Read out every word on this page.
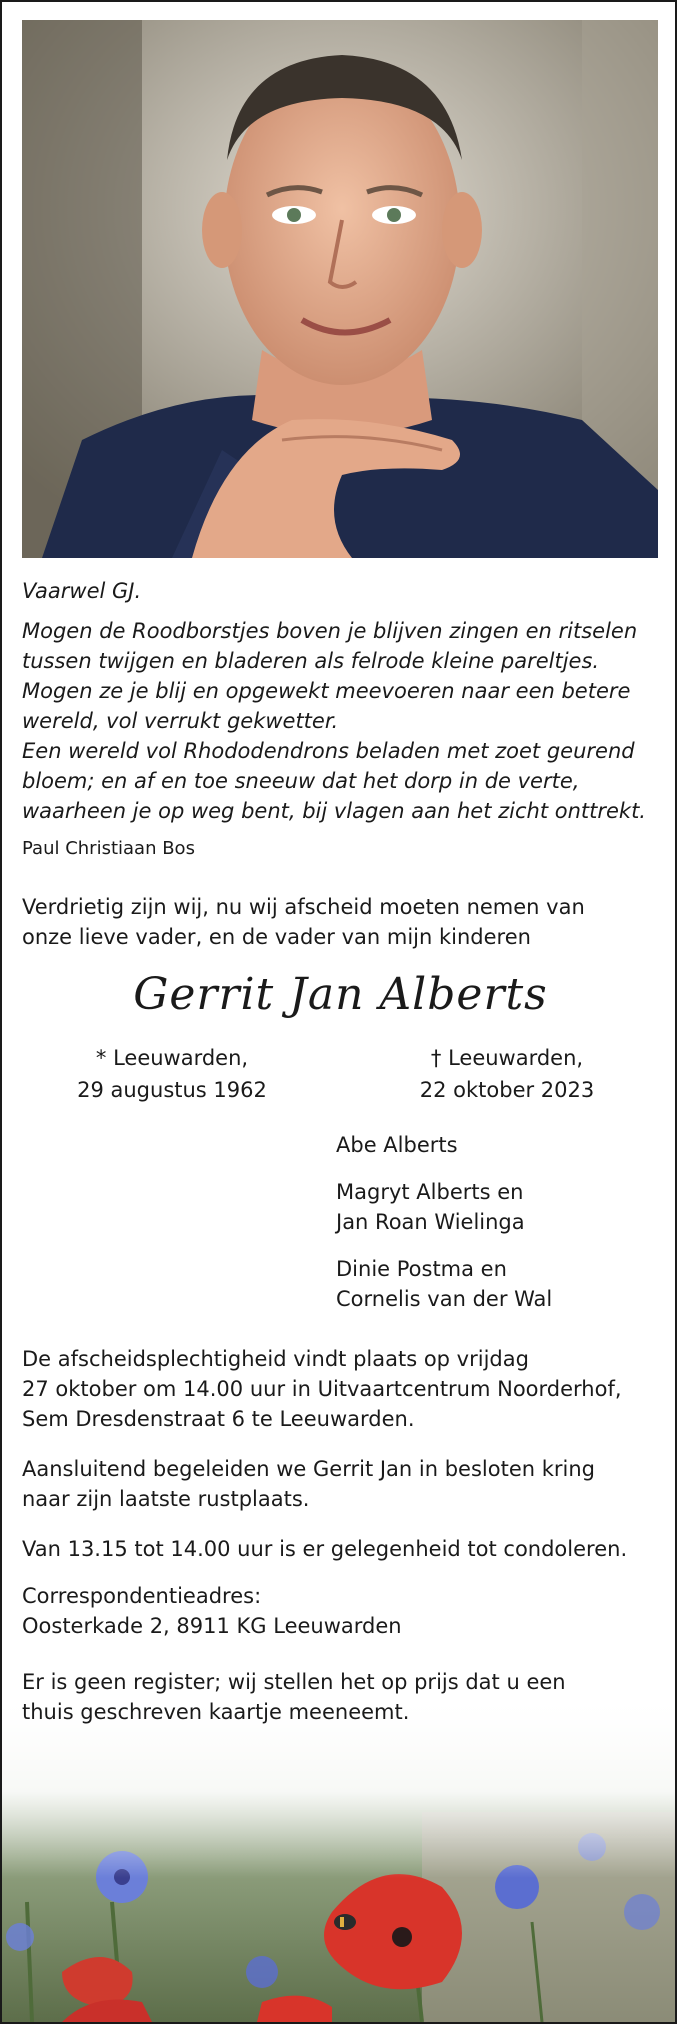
Vaarwel GJ.
Mogen de Roodborstjes boven je blijven zingen en ritselen
tussen twijgen en bladeren als felrode kleine pareltjes.
Mogen ze je blij en opgewekt meevoeren naar een betere
wereld, vol verrukt gekwetter.
Een wereld vol Rhododendrons beladen met zoet geurend
bloem; en af en toe sneeuw dat het dorp in de verte,
waarheen je op weg bent, bij vlagen aan het zicht onttrekt.
Paul Christiaan Bos
Verdrietig zijn wij, nu wij afscheid moeten nemen van
onze lieve vader, en de vader van mijn kinderen
Gerrit Jan Alberts
* Leeuwarden,
29 augustus 1962
† Leeuwarden,
22 oktober 2023
Abe Alberts
Magryt Alberts en
Jan Roan Wielinga
Dinie Postma en
Cornelis van der Wal
De afscheidsplechtigheid vindt plaats op vrijdag
27 oktober om 14.00 uur in Uitvaartcentrum Noorderhof,
Sem Dresdenstraat 6 te Leeuwarden.
Aansluitend begeleiden we Gerrit Jan in besloten kring
naar zijn laatste rustplaats.
Van 13.15 tot 14.00 uur is er gelegenheid tot condoleren.
Correspondentieadres:
Oosterkade 2, 8911 KG Leeuwarden
Er is geen register; wij stellen het op prijs dat u een
thuis geschreven kaartje meeneemt.
